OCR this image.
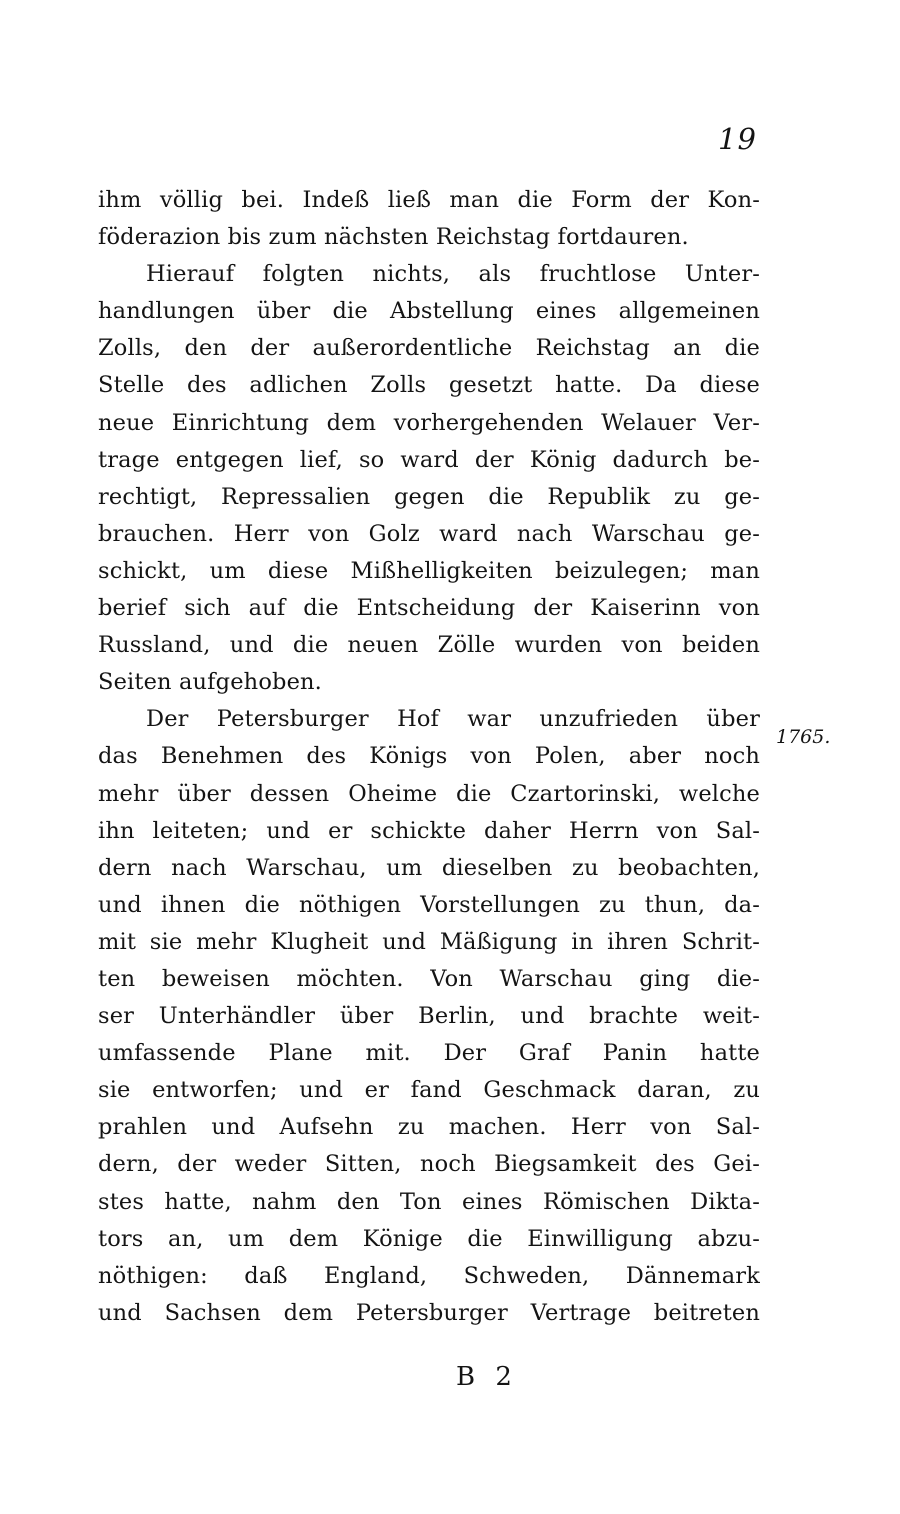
19
ihm völlig bei. Indeß ließ man die Form der Kon-
föderazion bis zum nächsten Reichstag fortdauren.
Hierauf folgten nichts, als fruchtlose Unter-
handlungen über die Abstellung eines allgemeinen
Zolls, den der außerordentliche Reichstag an die
Stelle des adlichen Zolls gesetzt hatte. Da diese
neue Einrichtung dem vorhergehenden Welauer Ver-
trage entgegen lief, so ward der König dadurch be-
rechtigt, Repressalien gegen die Republik zu ge-
brauchen. Herr von Golz ward nach Warschau ge-
schickt, um diese Mißhelligkeiten beizulegen; man
berief sich auf die Entscheidung der Kaiserinn von
Russland, und die neuen Zölle wurden von beiden
Seiten aufgehoben.
Der Petersburger Hof war unzufrieden über
das Benehmen des Königs von Polen, aber noch
mehr über dessen Oheime die Czartorinski, welche
ihn leiteten; und er schickte daher Herrn von Sal-
dern nach Warschau, um dieselben zu beobachten,
und ihnen die nöthigen Vorstellungen zu thun, da-
mit sie mehr Klugheit und Mäßigung in ihren Schrit-
ten beweisen möchten. Von Warschau ging die-
ser Unterhändler über Berlin, und brachte weit-
umfassende Plane mit. Der Graf Panin hatte
sie entworfen; und er fand Geschmack daran, zu
prahlen und Aufsehn zu machen. Herr von Sal-
dern, der weder Sitten, noch Biegsamkeit des Gei-
stes hatte, nahm den Ton eines Römischen Dikta-
tors an, um dem Könige die Einwilligung abzu-
nöthigen: daß England, Schweden, Dännemark
und Sachsen dem Petersburger Vertrage beitreten
1765.
B 2
